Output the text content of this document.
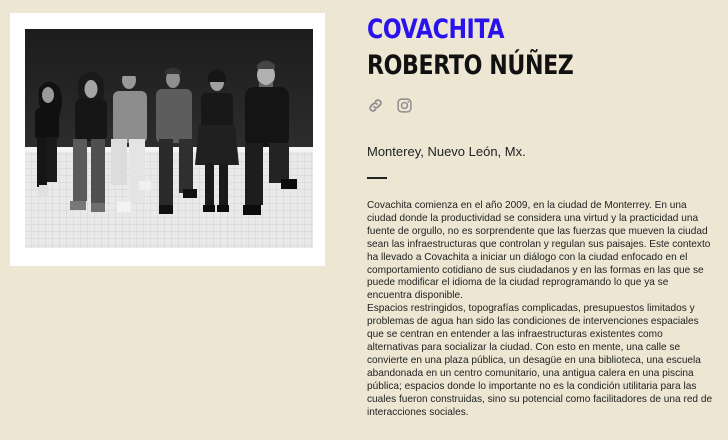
COVACHITA
ROBERTO NÚÑEZ
Monterey, Nuevo León, Mx.

Covachita comienza en el año 2009, en la ciudad de Monterrey. En una ciudad donde la productividad se considera una virtud y la practicidad una fuente de orgullo, no es sorprendente que las fuerzas que mueven la ciudad sean las infraestructuras que controlan y regulan sus paisajes. Este contexto ha llevado a Covachita a iniciar un diálogo con la ciudad enfocado en el comportamiento cotidiano de sus ciudadanos y en las formas en las que se puede modificar el idioma de la ciudad reprogramando lo que ya se encuentra disponible.

Espacios restringidos, topografías complicadas, presupuestos limitados y problemas de agua han sido las condiciones de intervenciones espaciales que se centran en entender a las infraestructuras existentes como alternativas para socializar la ciudad. Con esto en mente, una calle se convierte en una plaza pública, un desagüe en una biblioteca, una escuela abandonada en un centro comunitario, una antigua calera en una piscina pública; espacios donde lo importante no es la condición utilitaria para las cuales fueron construidas, sino su potencial como facilitadores de una red de interacciones sociales.
